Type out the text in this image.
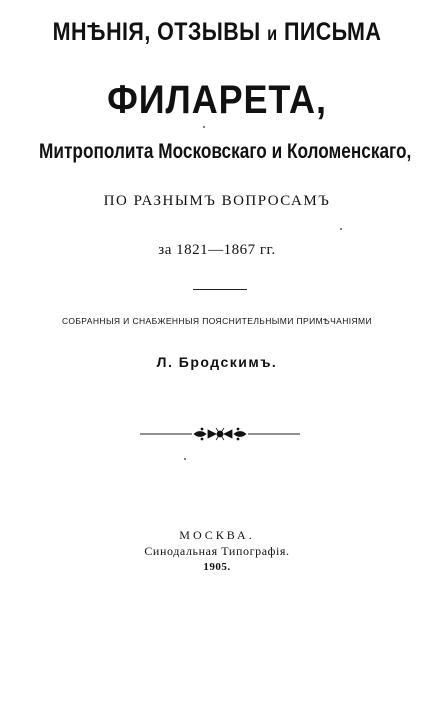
МНѢНІЯ, ОТЗЫВЫ и ПИСЬМА
ФИЛАРЕТА,
Митрополита Московскаго и Коломенскаго,
ПО РАЗНЫМЪ ВОПРОСАМЪ
за 1821—1867 гг.
СОБРАННЫЯ И СНАБЖЕННЫЯ ПОЯСНИТЕЛЬНЫМИ ПРИМѢЧАНІЯМИ
Л. Бродскимъ.
МОСКВА.
Синодальная Типографія.
1905.
